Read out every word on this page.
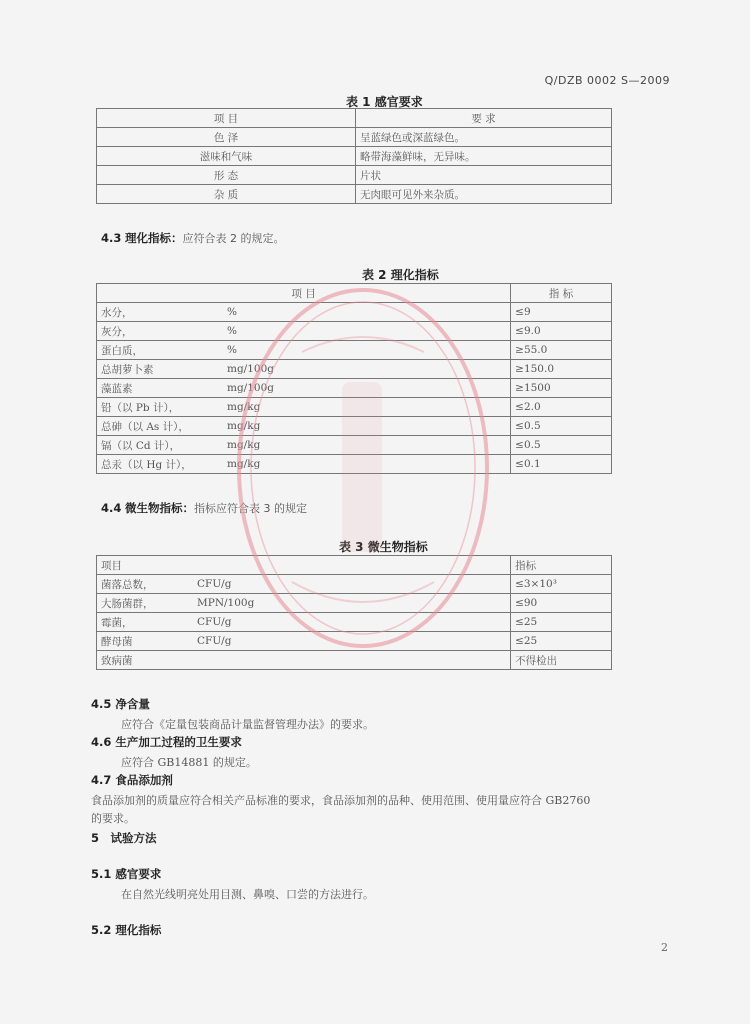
Q/DZB 0002 S—2009
表 1 感官要求
项 目	要 求
色 泽	呈蓝绿色或深蓝绿色。
滋味和气味	略带海藻鲜味，无异味。
形 态	片状
杂 质	无肉眼可见外来杂质。
4.3 理化指标：应符合表 2 的规定。
表 2 理化指标
项 目		指 标
水分，	%	≤9
灰分，	%	≤9.0
蛋白质，	%	≥55.0
总胡萝卜素	mg/100g	≥150.0
藻蓝素	mg/100g	≥1500
铅（以 Pb 计），	mg/kg	≤2.0
总砷（以 As 计），	mg/kg	≤0.5
镉（以 Cd 计），	mg/kg	≤0.5
总汞（以 Hg 计），	mg/kg	≤0.1
4.4 微生物指标：指标应符合表 3 的规定
表 3 微生物指标
项目		指标
菌落总数，	CFU/g	≤3×10³
大肠菌群，	MPN/100g	≤90
霉菌，	CFU/g	≤25
酵母菌	CFU/g	≤25
致病菌		不得检出
4.5 净含量
应符合《定量包装商品计量监督管理办法》的要求。
4.6 生产加工过程的卫生要求
应符合 GB14881 的规定。
4.7 食品添加剂
食品添加剂的质量应符合相关产品标准的要求，食品添加剂的品种、使用范围、使用量应符合 GB2760
的要求。
5　试验方法
5.1 感官要求
在自然光线明亮处用目测、鼻嗅、口尝的方法进行。
5.2 理化指标
2
